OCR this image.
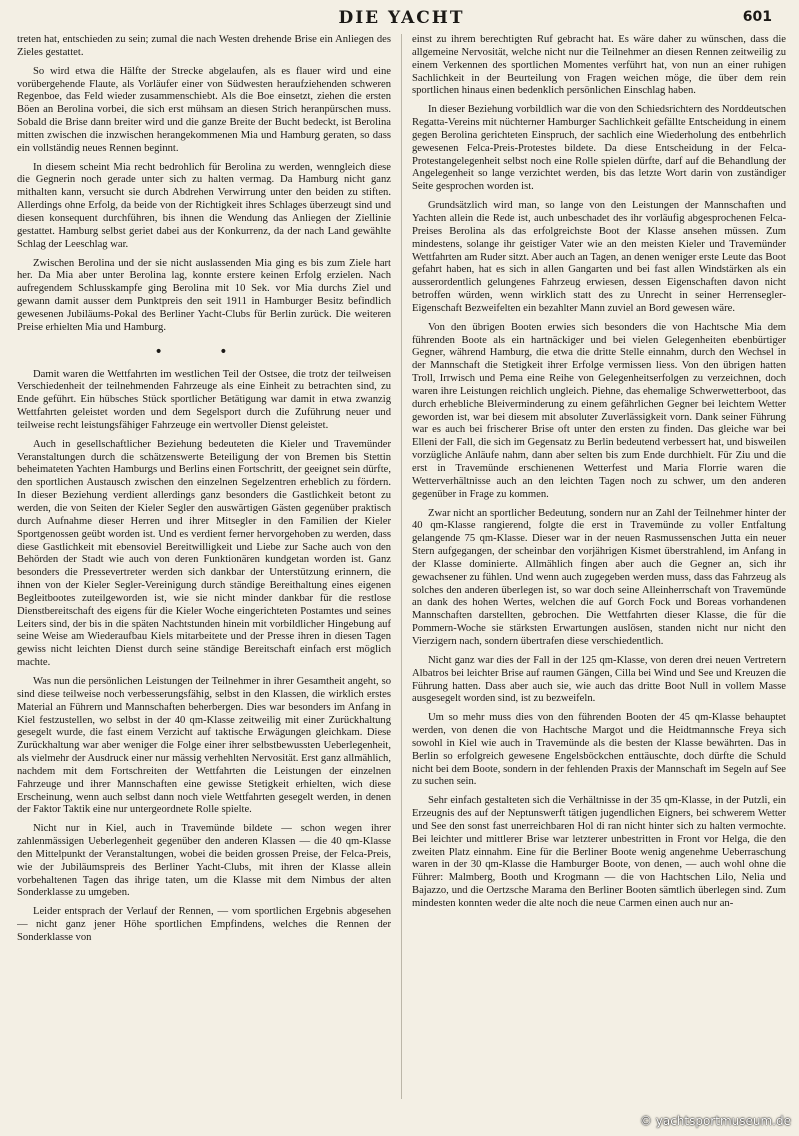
DIE YACHT	601

treten hat, entschieden zu sein; zumal die nach Westen drehende Brise ein Anliegen des Zieles gestattet.

So wird etwa die Hälfte der Strecke abgelaufen, als es flauer wird und eine vorübergehende Flaute, als Vorläufer einer von Südwesten heraufziehenden schweren Regenboe, das Feld wieder zusammenschiebt. Als die Boe einsetzt, ziehen die ersten Böen an Berolina vorbei, die sich erst mühsam an diesen Strich heranpürschen muss. Sobald die Brise dann breiter wird und die ganze Breite der Bucht bedeckt, ist Berolina mitten zwischen die inzwischen herangekommenen Mia und Hamburg geraten, so dass ein vollständig neues Rennen beginnt.

In diesem scheint Mia recht bedrohlich für Berolina zu werden, wenngleich diese die Gegnerin noch gerade unter sich zu halten vermag. Da Hamburg nicht ganz mithalten kann, versucht sie durch Abdrehen Verwirrung unter den beiden zu stiften. Allerdings ohne Erfolg, da beide von der Richtigkeit ihres Schlages überzeugt sind und diesen konsequent durchführen, bis ihnen die Wendung das Anliegen der Ziellinie gestattet. Hamburg selbst geriet dabei aus der Konkurrenz, da der nach Land gewählte Schlag der Leeschlag war.

Zwischen Berolina und der sie nicht auslassenden Mia ging es bis zum Ziele hart her. Da Mia aber unter Berolina lag, konnte erstere keinen Erfolg erzielen. Nach aufregendem Schlusskampfe ging Berolina mit 10 Sek. vor Mia durchs Ziel und gewann damit ausser dem Punktpreis den seit 1911 in Hamburger Besitz befindlich gewesenen Jubiläums-Pokal des Berliner Yacht-Clubs für Berlin zurück. Die weiteren Preise erhielten Mia und Hamburg.

• •

Damit waren die Wettfahrten im westlichen Teil der Ostsee, die trotz der teilweisen Verschiedenheit der teilnehmenden Fahrzeuge als eine Einheit zu betrachten sind, zu Ende geführt. Ein hübsches Stück sportlicher Betätigung war damit in etwa zwanzig Wettfahrten geleistet worden und dem Segelsport durch die Zuführung neuer und teilweise recht leistungsfähiger Fahrzeuge ein wertvoller Dienst geleistet.

Auch in gesellschaftlicher Beziehung bedeuteten die Kieler und Travemünder Veranstaltungen durch die schätzenswerte Beteiligung der von Bremen bis Stettin beheimateten Yachten Hamburgs und Berlins einen Fortschritt, der geeignet sein dürfte, den sportlichen Austausch zwischen den einzelnen Segelzentren erheblich zu fördern. In dieser Beziehung verdient allerdings ganz besonders die Gastlichkeit betont zu werden, die von Seiten der Kieler Segler den auswärtigen Gästen gegenüber praktisch durch Aufnahme dieser Herren und ihrer Mitsegler in den Familien der Kieler Sportgenossen geübt worden ist. Und es verdient ferner hervorgehoben zu werden, dass diese Gastlichkeit mit ebensoviel Bereitwilligkeit und Liebe zur Sache auch von den Behörden der Stadt wie auch von deren Funktionären kundgetan worden ist. Ganz besonders die Pressevertreter werden sich dankbar der Unterstützung erinnern, die ihnen von der Kieler Segler-Vereinigung durch ständige Bereithaltung eines eigenen Begleitbootes zuteilgeworden ist, wie sie nicht minder dankbar für die restlose Dienstbereitschaft des eigens für die Kieler Woche eingerichteten Postamtes und seines Leiters sind, der bis in die späten Nachtstunden hinein mit vorbildlicher Hingebung auf seine Weise am Wiederaufbau Kiels mitarbeitete und der Presse ihren in diesen Tagen gewiss nicht leichten Dienst durch seine ständige Bereitschaft einfach erst möglich machte.

Was nun die persönlichen Leistungen der Teilnehmer in ihrer Gesamtheit angeht, so sind diese teilweise noch verbesserungsfähig, selbst in den Klassen, die wirklich erstes Material an Führern und Mannschaften beherbergen. Dies war besonders im Anfang in Kiel festzustellen, wo selbst in der 40 qm-Klasse zeitweilig mit einer Zurückhaltung gesegelt wurde, die fast einem Verzicht auf taktische Erwägungen gleichkam. Diese Zurückhaltung war aber weniger die Folge einer ihrer selbstbewussten Ueberlegenheit, als vielmehr der Ausdruck einer nur mässig verhehlten Nervosität. Erst ganz allmählich, nachdem mit dem Fortschreiten der Wettfahrten die Leistungen der einzelnen Fahrzeuge und ihrer Mannschaften eine gewisse Stetigkeit erhielten, wich diese Erscheinung, wenn auch selbst dann noch viele Wettfahrten gesegelt werden, in denen der Faktor Taktik eine nur untergeordnete Rolle spielte.

Nicht nur in Kiel, auch in Travemünde bildete — schon wegen ihrer zahlenmässigen Ueberlegenheit gegenüber den anderen Klassen — die 40 qm-Klasse den Mittelpunkt der Veranstaltungen, wobei die beiden grossen Preise, der Felca-Preis, wie der Jubiläumspreis des Berliner Yacht-Clubs, mit ihren der Klasse allein vorbehaltenen Tagen das ihrige taten, um die Klasse mit dem Nimbus der alten Sonderklasse zu umgeben.

Leider entsprach der Verlauf der Rennen, — vom sportlichen Ergebnis abgesehen — nicht ganz jener Höhe sportlichen Empfindens, welches die Rennen der Sonderklasse von

einst zu ihrem berechtigten Ruf gebracht hat. Es wäre daher zu wünschen, dass die allgemeine Nervosität, welche nicht nur die Teilnehmer an diesen Rennen zeitweilig zu einem Verkennen des sportlichen Momentes verführt hat, von nun an einer ruhigen Sachlichkeit in der Beurteilung von Fragen weichen möge, die über dem rein sportlichen hinaus einen bedenklich persönlichen Einschlag haben.

In dieser Beziehung vorbildlich war die von den Schiedsrichtern des Norddeutschen Regatta-Vereins mit nüchterner Hamburger Sachlichkeit gefällte Entscheidung in einem gegen Berolina gerichteten Einspruch, der sachlich eine Wiederholung des entbehrlich gewesenen Felca-Preis-Protestes bildete. Da diese Entscheidung in der Felca-Protestangelegenheit selbst noch eine Rolle spielen dürfte, darf auf die Behandlung der Angelegenheit so lange verzichtet werden, bis das letzte Wort darin von zuständiger Seite gesprochen worden ist.

Grundsätzlich wird man, so lange von den Leistungen der Mannschaften und Yachten allein die Rede ist, auch unbeschadet des ihr vorläufig abgesprochenen Felca-Preises Berolina als das erfolgreichste Boot der Klasse ansehen müssen. Zum mindestens, solange ihr geistiger Vater wie an den meisten Kieler und Travemünder Wettfahrten am Ruder sitzt. Aber auch an Tagen, an denen weniger erste Leute das Boot gefahrt haben, hat es sich in allen Gangarten und bei fast allen Windstärken als ein ausserordentlich gelungenes Fahrzeug erwiesen, dessen Eigenschaften davon nicht betroffen würden, wenn wirklich statt des zu Unrecht in seiner Herrensegler-Eigenschaft Bezweifelten ein bezahlter Mann zuviel an Bord gewesen wäre.

Von den übrigen Booten erwies sich besonders die von Hachtsche Mia dem führenden Boote als ein hartnäckiger und bei vielen Gelegenheiten ebenbürtiger Gegner, während Hamburg, die etwa die dritte Stelle einnahm, durch den Wechsel in der Mannschaft die Stetigkeit ihrer Erfolge vermissen liess. Von den übrigen hatten Troll, Irrwisch und Pema eine Reihe von Gelegenheitserfolgen zu verzeichnen, doch waren ihre Leistungen reichlich ungleich. Piehne, das ehemalige Schwerwetterboot, das durch erhebliche Bleiverminderung zu einem gefährlichen Gegner bei leichtem Wetter geworden ist, war bei diesem mit absoluter Zuverlässigkeit vorn. Dank seiner Führung war es auch bei frischerer Brise oft unter den ersten zu finden. Das gleiche war bei Elleni der Fall, die sich im Gegensatz zu Berlin bedeutend verbessert hat, und bisweilen vorzügliche Anläufe nahm, dann aber selten bis zum Ende durchhielt. Für Ziu und die erst in Travemünde erschienenen Wetterfest und Maria Florrie waren die Wetterverhältnisse auch an den leichten Tagen noch zu schwer, um den anderen gegenüber in Frage zu kommen.

Zwar nicht an sportlicher Bedeutung, sondern nur an Zahl der Teilnehmer hinter der 40 qm-Klasse rangierend, folgte die erst in Travemünde zu voller Entfaltung gelangende 75 qm-Klasse. Dieser war in der neuen Rasmussenschen Jutta ein neuer Stern aufgegangen, der scheinbar den vorjährigen Kismet überstrahlend, im Anfang in der Klasse dominierte. Allmählich fingen aber auch die Gegner an, sich ihr gewachsener zu fühlen. Und wenn auch zugegeben werden muss, dass das Fahrzeug als solches den anderen überlegen ist, so war doch seine Alleinherrschaft von Travemünde an dank des hohen Wertes, welchen die auf Gorch Fock und Boreas vorhandenen Mannschaften darstellten, gebrochen. Die Wettfahrten dieser Klasse, die für die Pommern-Woche sie stärksten Erwartungen auslösen, standen nicht nur nicht den Vierzigern nach, sondern übertrafen diese verschiedentlich.

Nicht ganz war dies der Fall in der 125 qm-Klasse, von deren drei neuen Vertretern Albatros bei leichter Brise auf raumen Gängen, Cilla bei Wind und See und Kreuzen die Führung hatten. Dass aber auch sie, wie auch das dritte Boot Null in vollem Masse ausgesegelt worden sind, ist zu bezweifeln.

Um so mehr muss dies von den führenden Booten der 45 qm-Klasse behauptet werden, von denen die von Hachtsche Margot und die Heidtmannsche Freya sich sowohl in Kiel wie auch in Travemünde als die besten der Klasse bewährten. Das in Berlin so erfolgreich gewesene Engelsböckchen enttäuschte, doch dürfte die Schuld nicht bei dem Boote, sondern in der fehlenden Praxis der Mannschaft im Segeln auf See zu suchen sein.

Sehr einfach gestalteten sich die Verhältnisse in der 35 qm-Klasse, in der Putzli, ein Erzeugnis des auf der Neptunswerft tätigen jugendlichen Eigners, bei schwerem Wetter und See den sonst fast unerreichbaren Hol di ran nicht hinter sich zu halten vermochte. Bei leichter und mittlerer Brise war letzterer unbestritten in Front vor Helga, die den zweiten Platz einnahm. Eine für die Berliner Boote wenig angenehme Ueberraschung waren in der 30 qm-Klasse die Hamburger Boote, von denen, — auch wohl ohne die Führer: Malmberg, Booth und Krogmann — die von Hachtschen Lilo, Nelia und Bajazzo, und die Oertzsche Marama den Berliner Booten sämtlich überlegen sind. Zum mindesten konnten weder die alte noch die neue Carmen einen auch nur an-

© yachtsportmuseum.de
